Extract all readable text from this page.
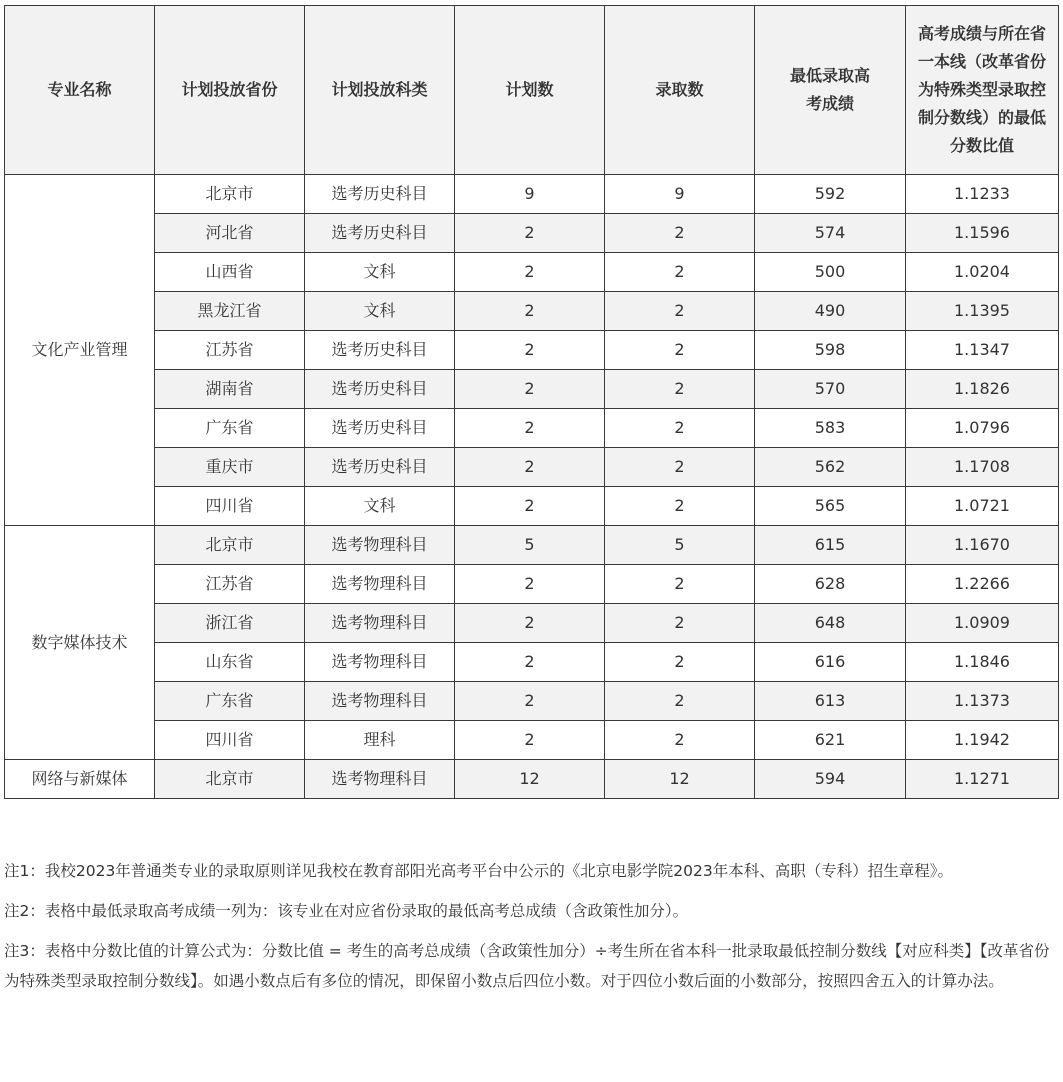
专业名称	计划投放省份	计划投放科类	计划数	录取数	最低录取高考成绩	高考成绩与所在省一本线（改革省份为特殊类型录取控制分数线）的最低分数比值

文化产业管理	北京市	选考历史科目	9	9	592	1.1233
	河北省	选考历史科目	2	2	574	1.1596
	山西省	文科	2	2	500	1.0204
	黑龙江省	文科	2	2	490	1.1395
	江苏省	选考历史科目	2	2	598	1.1347
	湖南省	选考历史科目	2	2	570	1.1826
	广东省	选考历史科目	2	2	583	1.0796
	重庆市	选考历史科目	2	2	562	1.1708
	四川省	文科	2	2	565	1.0721
数字媒体技术	北京市	选考物理科目	5	5	615	1.1670
	江苏省	选考物理科目	2	2	628	1.2266
	浙江省	选考物理科目	2	2	648	1.0909
	山东省	选考物理科目	2	2	616	1.1846
	广东省	选考物理科目	2	2	613	1.1373
	四川省	理科	2	2	621	1.1942
网络与新媒体	北京市	选考物理科目	12	12	594	1.1271

注1：我校2023年普通类专业的录取原则详见我校在教育部阳光高考平台中公示的《北京电影学院2023年本科、高职（专科）招生章程》。

注2：表格中最低录取高考成绩一列为：该专业在对应省份录取的最低高考总成绩（含政策性加分）。

注3：表格中分数比值的计算公式为：分数比值 = 考生的高考总成绩（含政策性加分）÷考生所在省本科一批录取最低控制分数线【对应科类】【改革省份为特殊类型录取控制分数线】。如遇小数点后有多位的情况，即保留小数点后四位小数。对于四位小数后面的小数部分，按照四舍五入的计算办法。
